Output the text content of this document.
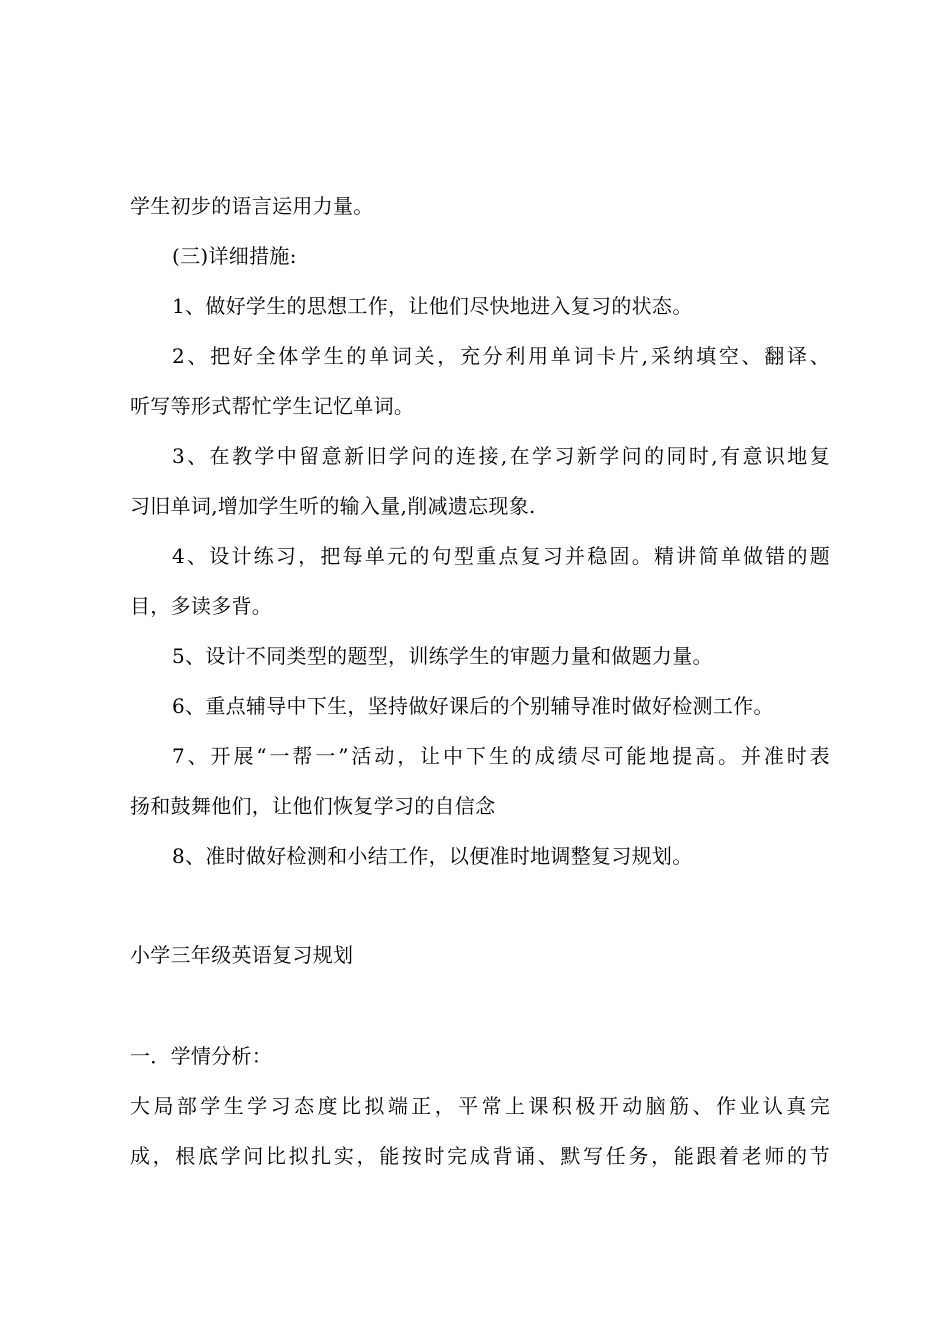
学生初步的语言运用力量。
(三)详细措施:
1、做好学生的思想工作，让他们尽快地进入复习的状态。
2、把好全体学生的单词关，充分利用单词卡片,采纳填空、翻译、
听写等形式帮忙学生记忆单词。
3、在教学中留意新旧学问的连接,在学习新学问的同时,有意识地复
习旧单词,增加学生听的输入量,削减遗忘现象.
4、设计练习，把每单元的句型重点复习并稳固。精讲简单做错的题
目，多读多背。
5、设计不同类型的题型，训练学生的审题力量和做题力量。
6、重点辅导中下生，坚持做好课后的个别辅导准时做好检测工作。
7、开展“一帮一”活动，让中下生的成绩尽可能地提高。并准时表
扬和鼓舞他们，让他们恢复学习的自信念
8、准时做好检测和小结工作，以便准时地调整复习规划。
小学三年级英语复习规划
一．学情分析：
大局部学生学习态度比拟端正，平常上课积极开动脑筋、作业认真完
成，根底学问比拟扎实，能按时完成背诵、默写任务，能跟着老师的节
